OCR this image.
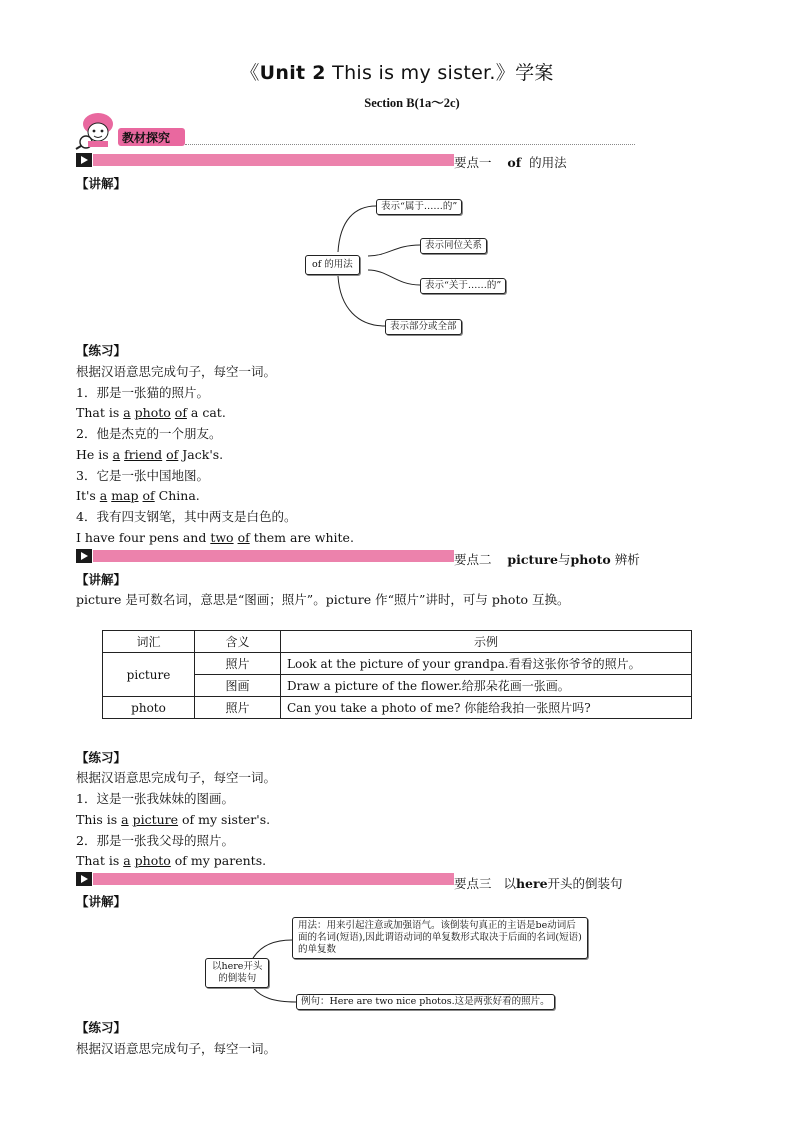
《Unit 2 This is my sister.》学案
Section B(1a～2c)
教材探究
要点一 of 的用法
【讲解】
of 的用法
表示“属于……的”
表示同位关系
表示“关于……的”
表示部分或全部
【练习】
根据汉语意思完成句子，每空一词。
1．那是一张猫的照片。
That is a photo of a cat.
2．他是杰克的一个朋友。
He is a friend of Jack's.
3．它是一张中国地图。
It's a map of China.
4．我有四支钢笔，其中两支是白色的。
I have four pens and two of them are white.
要点二 picture与photo 辨析
【讲解】
picture 是可数名词，意思是“图画；照片”。picture 作“照片”讲时，可与 photo 互换。
词汇	含义	示例
picture	照片	Look at the picture of your grandpa.看看这张你爷爷的照片。
	图画	Draw a picture of the flower.给那朵花画一张画。
photo	照片	Can you take a photo of me? 你能给我拍一张照片吗?
【练习】
根据汉语意思完成句子，每空一词。
1．这是一张我妹妹的图画。
This is a picture of my sister's.
2．那是一张我父母的照片。
That is a photo of my parents.
要点三 以here开头的倒装句
【讲解】
以here开头
的倒装句
用法：用来引起注意或加强语气。该倒装句真正的主语是be动词后
面的名词(短语),因此谓语动词的单复数形式取决于后面的名词(短语)
的单复数
例句：Here are two nice photos.这是两张好看的照片。
【练习】
根据汉语意思完成句子，每空一词。
